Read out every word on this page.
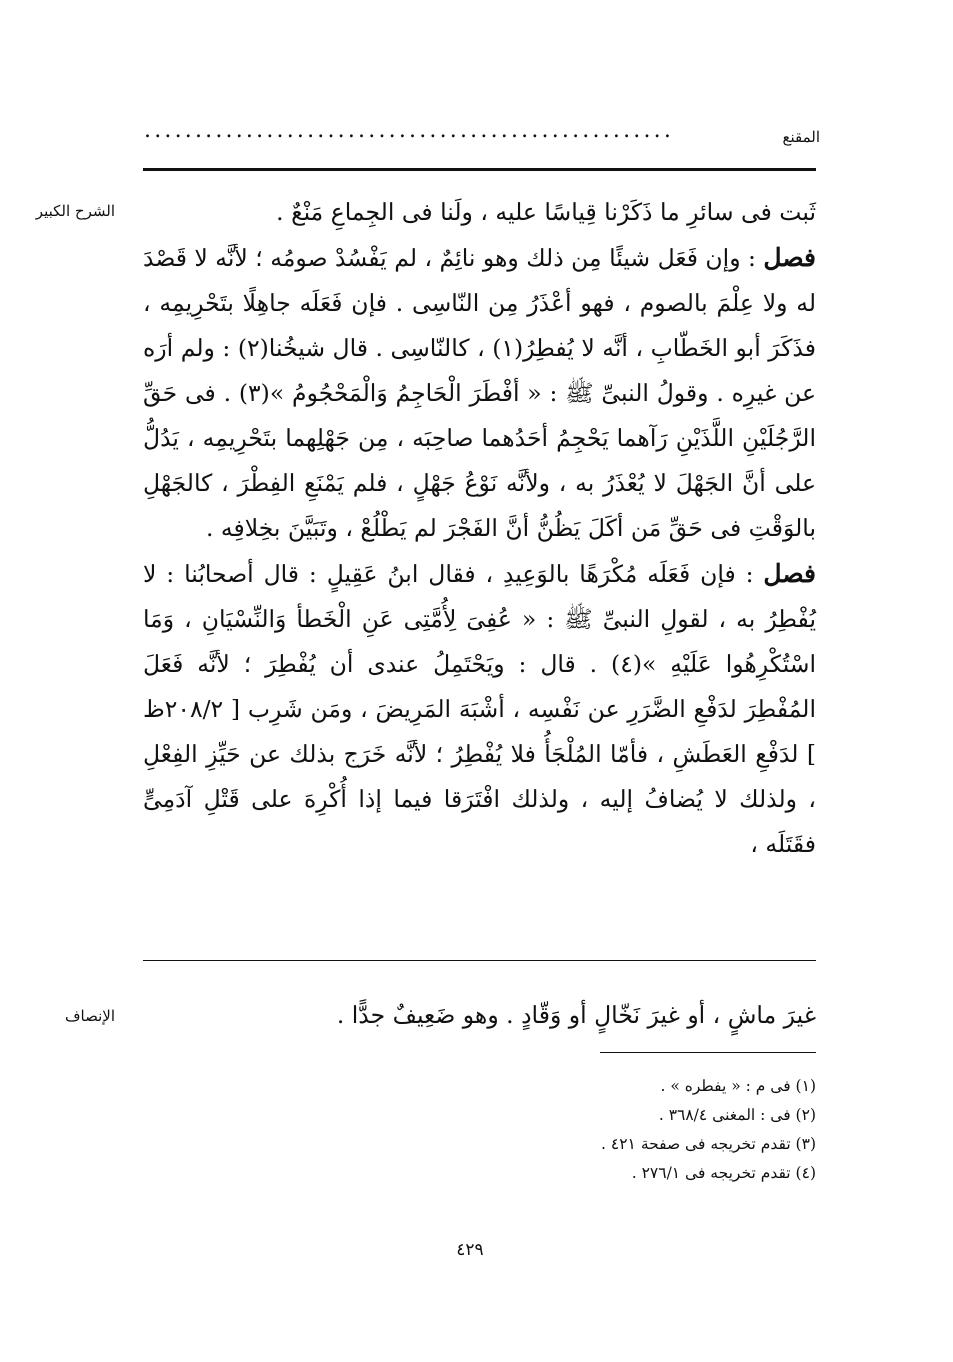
المقنع
....................................................
الشرح الكبير	ثَبت فى سائرِ ما ذَكَرْنا قِياسًا عليه ، ولَنا فى الجِماعِ مَنْعٌ .

فصل : وإن فَعَل شيئًا مِن ذلك وهو نائِمٌ ، لم يَفْسُدْ صومُه ؛ لأنَّه لا قَصْدَ له ولا عِلْمَ بالصوم ، فهو أعْذَرُ مِن النّاسِى . فإن فَعَلَه جاهِلًا بتَحْرِيمِه ، فذَكَرَ أبو الخَطّابِ ، أنَّه لا يُفطِرُ(١) ، كالنّاسِى . قال شيخُنا(٢) : ولم أرَه عن غيرِه . وقولُ النبىِّ ﷺ : « أفْطَرَ الْحَاجِمُ وَالْمَحْجُومُ »(٣) . فى حَقِّ الرَّجُلَيْنِ اللَّذَيْنِ رَآهما يَحْجِمُ أحَدُهما صاحِبَه ، مِن جَهْلِهما بتَحْرِيمِه ، يَدُلُّ على أنَّ الجَهْلَ لا يُعْذَرُ به ، ولأنَّه نَوْعُ جَهْلٍ ، فلم يَمْنَعِ الفِطْرَ ، كالجَهْلِ بالوَقْتِ فى حَقِّ مَن أكَلَ يَظُنُّ أنَّ الفَجْرَ لم يَطْلُعْ ، وتَبَيَّنَ بخِلافِه .

فصل : فإن فَعَلَه مُكْرَهًا بالوَعِيدِ ، فقال ابنُ عَقِيلٍ : قال أصحابُنا : لا يُفْطِرُ به ، لقولِ النبىِّ ﷺ : « عُفِىَ لِأُمَّتِى عَنِ الْخَطأ وَالنِّسْيَانِ ، وَمَا اسْتُكْرِهُوا عَلَيْهِ »(٤) . قال : ويَحْتَمِلُ عندى أن يُفْطِرَ ؛ لأنَّه فَعَلَ المُفْطِرَ لدَفْعِ الضَّرَرِ عن نَفْسِه ، أشْبَهَ المَرِيضَ ، ومَن شَرِب [ ٢٠٨/٢ظ ] لدَفْعِ العَطَشِ ، فأمّا المُلْجَأُ فلا يُفْطِرُ ؛ لأنَّه خَرَج بذلك عن حَيِّزِ الفِعْلِ ، ولذلك لا يُضافُ إليه ، ولذلك افْتَرَقا فيما إذا أُكْرِهَ على قَتْلِ آدَمِىٍّ فقَتَلَه ،

الإنصاف	غيرَ ماشٍ ، أو غيرَ نَخّالٍ أو وَقّادٍ . وهو ضَعِيفٌ جدًّا .
(١) فى م : « يفطره » .
(٢) فى : المغنى ٣٦٨/٤ .
(٣) تقدم تخريجه فى صفحة ٤٢١ .
(٤) تقدم تخريجه فى ٢٧٦/١ .
٤٢٩
